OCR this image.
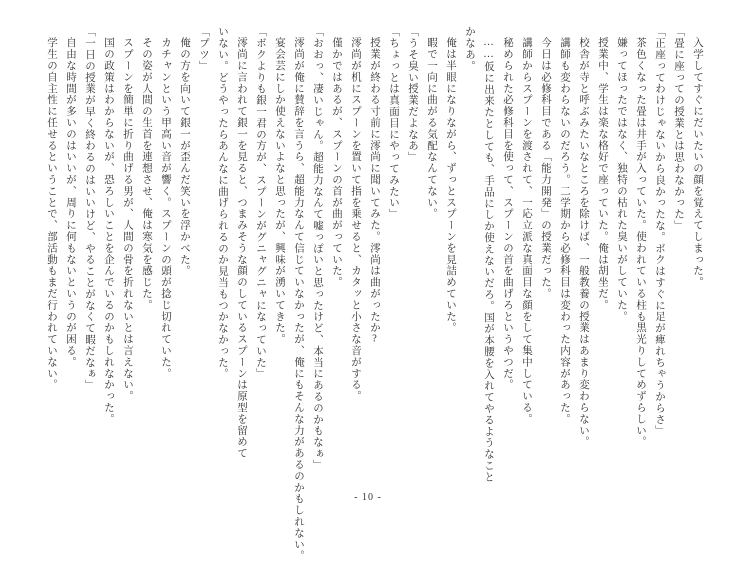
入学してすぐにだいたいの顔を覚えてしまった。
「畳に座っての授業とは思わなかった」
「正座ってわけじゃないから良かったな。ボクはすぐに足が痺れちゃうからさ」
茶色くなった畳は井手が入っていた。使われている柱も黒光りしてめずらしい。
嫌ってほったではなく、独特の枯れた臭いがしていた。
授業中、学生は楽な格好で座っていた。俺は胡坐だ。
校舎が寺と呼ぶみたいなところを除けば、一般教養の授業はあまり変わらない。
講師も変わらないのだろう。二学期から必修科目は変わった内容があった。
今日は必修科目である「能力開発」の授業だった。
講師からスプーンを渡されて、一応立派な真面目な顔をして集中している。
秘められた必修科目を使って、スプーンの首を曲げろというやつだ。
……仮に出来たとしても、手品にしか使えないだろ。国が本腰を入れてやるようなこと
かなあ。
俺は半眼になりながら、ずっとスプーンを見詰めていた。
暇で一向に曲がる気配なんてない。
「うそ臭い授業だよなあ」
「ちょっとは真面目にやってみたい」
授業が終わる寸前に澪尚に聞いてみた。澪尚は曲がったか?
澪尚が机にスプーンを置いて指を乗せると、カタッと小さな音がする。
僅かではあるが、スプーンの首が曲がっていた。
「おおっ、凄いじゃん。超能力なんて嘘っぽいと思ったけど、本当にあるのかもなぁ」
澪尚が俺に賛辞を言うら、超能力なんて信じていなかったが、俺にもそんな力があるのかもしれない。
宴会芸にしか使えないよなと思ったが、興味が湧いてきた。
「ボクよりも銀一君の方が、スプーンがグニャグニャになっていた」
澪尚に言われて銀一を見ると、つまみそうな顔のしているスプーンは原型を留めて
いない。どうやったらあんなに曲げられるのか見当もつかなかった。
「プツ」
俺の方を向いて銀一が歪んだ笑いを浮かべた。
カチャンという甲高い音が響く。スプーンの頭が捻じ切れていた。
その姿が人間の生首を連想させ、俺は寒気を感じた。
スプーンを簡単に折り曲げる男が、人間の骨を折れないとは言えない。
国の政策はわからないが、恐ろしいことを企んでいるのかもしれなかった。
「一日の授業が早く終わるのはいいけど、やることがなくて暇だなぁ」
自由な時間が多いのはいいが、周りに何もないというのが困る。
学生の自主性に任せるということで、部活動もまだ行われていない。
- 10 -
